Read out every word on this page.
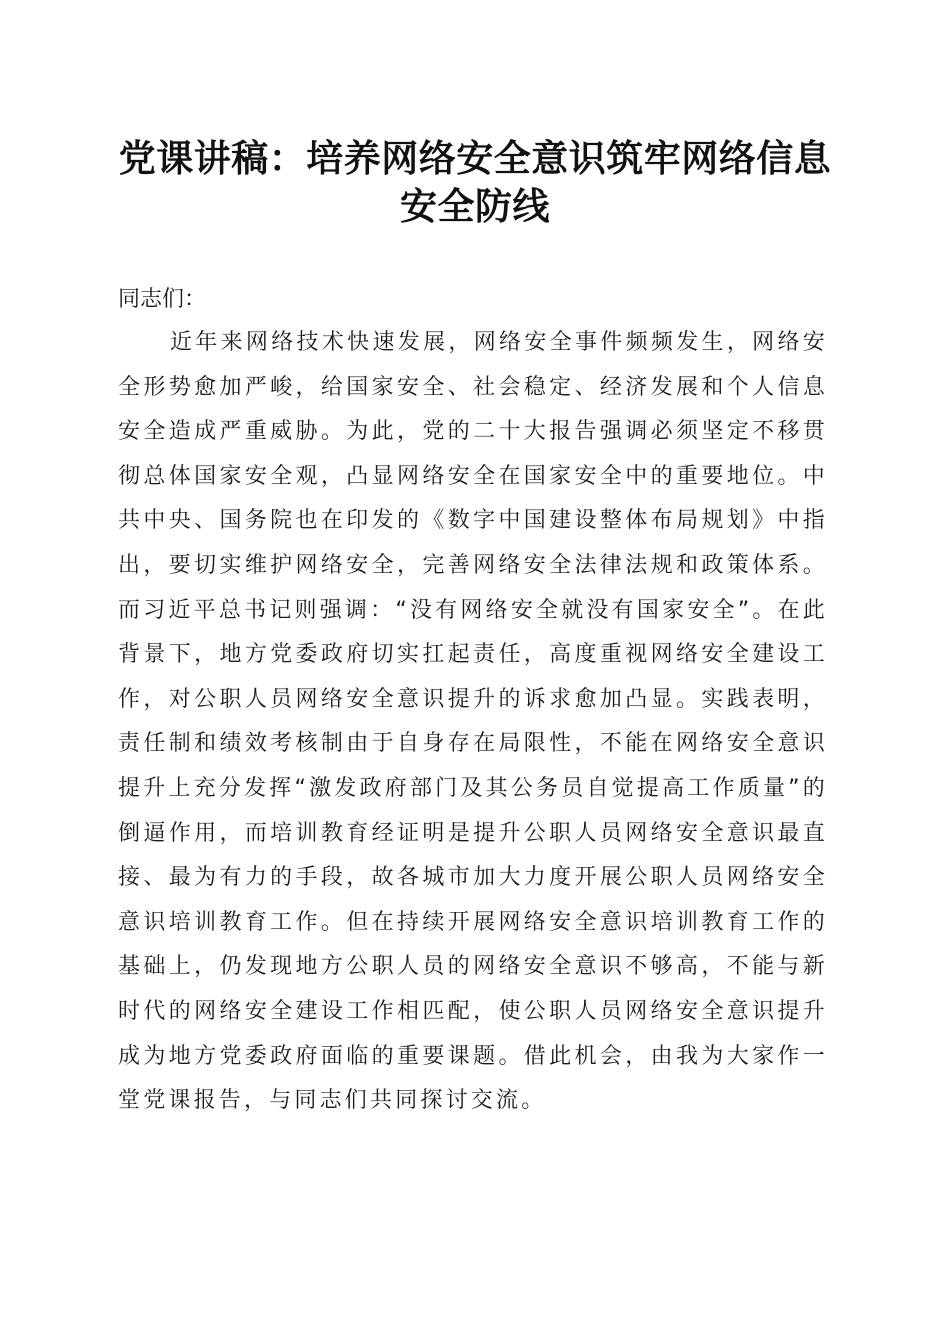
党课讲稿：培养网络安全意识筑牢网络信息安全防线

同志们：

近年来网络技术快速发展，网络安全事件频频发生，网络安全形势愈加严峻，给国家安全、社会稳定、经济发展和个人信息安全造成严重威胁。为此，党的二十大报告强调必须坚定不移贯彻总体国家安全观，凸显网络安全在国家安全中的重要地位。中共中央、国务院也在印发的《数字中国建设整体布局规划》中指出，要切实维护网络安全，完善网络安全法律法规和政策体系。而习近平总书记则强调：“没有网络安全就没有国家安全”。在此背景下，地方党委政府切实扛起责任，高度重视网络安全建设工作，对公职人员网络安全意识提升的诉求愈加凸显。实践表明，责任制和绩效考核制由于自身存在局限性，不能在网络安全意识提升上充分发挥“激发政府部门及其公务员自觉提高工作质量”的倒逼作用，而培训教育经证明是提升公职人员网络安全意识最直接、最为有力的手段，故各城市加大力度开展公职人员网络安全意识培训教育工作。但在持续开展网络安全意识培训教育工作的基础上，仍发现地方公职人员的网络安全意识不够高，不能与新时代的网络安全建设工作相匹配，使公职人员网络安全意识提升成为地方党委政府面临的重要课题。借此机会，由我为大家作一堂党课报告，与同志们共同探讨交流。
